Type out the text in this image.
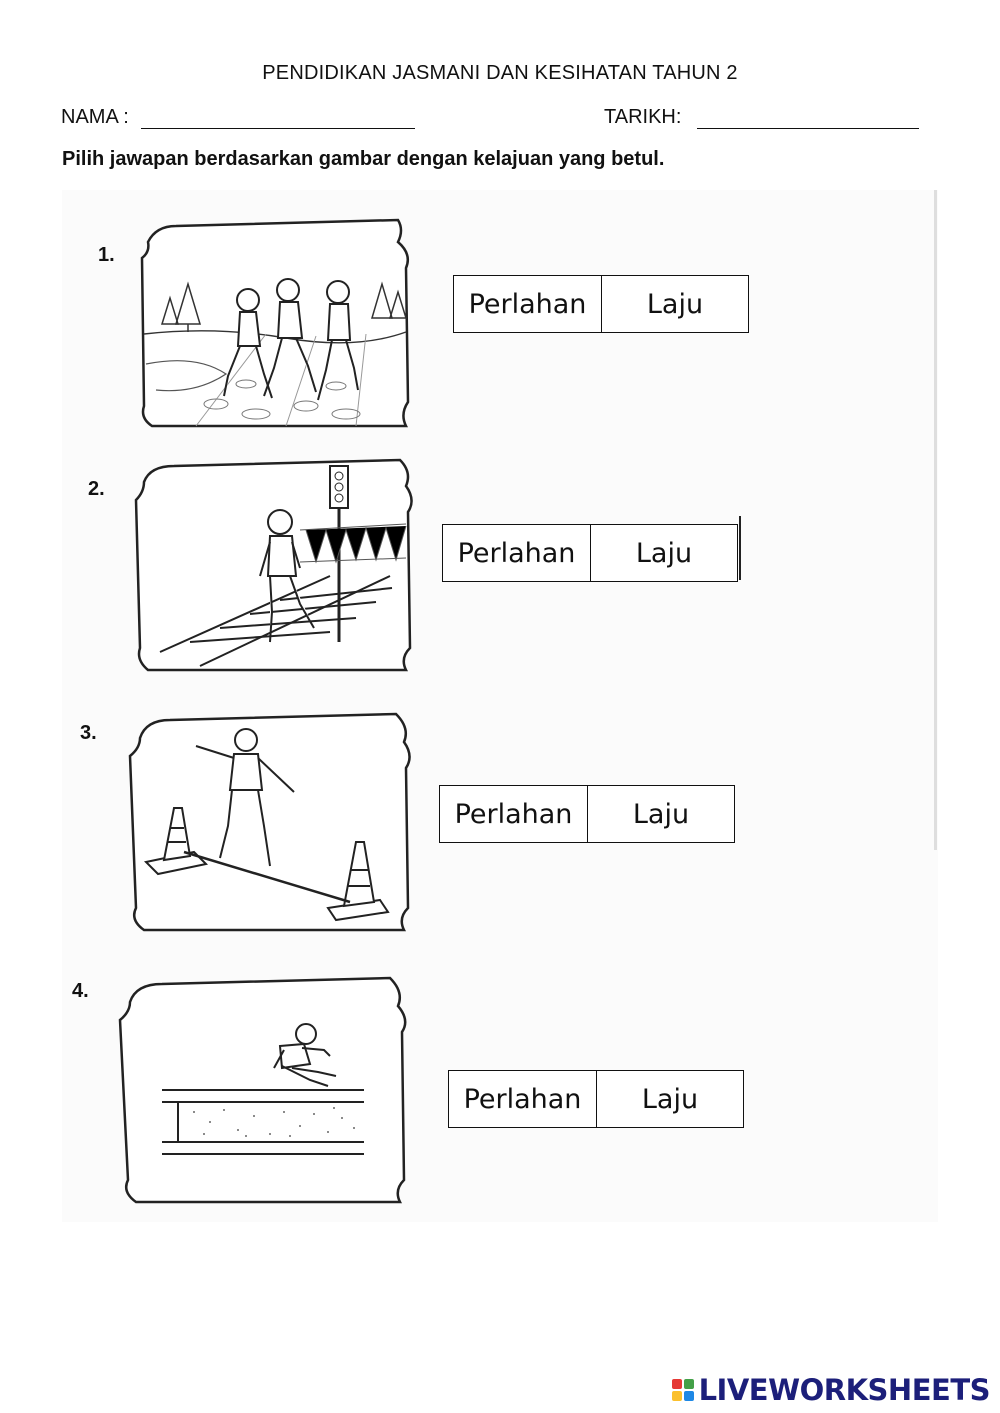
PENDIDIKAN JASMANI DAN KESIHATAN TAHUN 2
NAMA :	TARIKH:
Pilih jawapan berdasarkan gambar dengan kelajuan yang betul.
1.
Perlahan	Laju
2.
Perlahan	Laju
3.
Perlahan	Laju
4.
Perlahan	Laju
LIVEWORKSHEETS
